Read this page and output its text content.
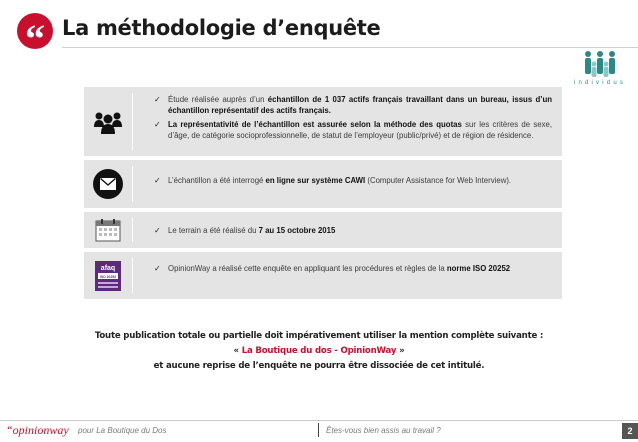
“ La méthodologie d’enquête
individus

✓ Étude réalisée auprès d’un échantillon de 1 037 actifs français travaillant dans un bureau, issus d’un échantillon représentatif des actifs français.

✓ La représentativité de l’échantillon est assurée selon la méthode des quotas sur les critères de sexe, d’âge, de catégorie socioprofessionnelle, de statut de l’employeur (public/privé) et de région de résidence.

✓ L’échantillon a été interrogé en ligne sur système CAWI (Computer Assistance for Web Interview).

✓ Le terrain a été réalisé du 7 au 15 octobre 2015

afaq
ISO 20252

✓ OpinionWay a réalisé cette enquête en appliquant les procédures et règles de la norme ISO 20252

Toute publication totale ou partielle doit impérativement utiliser la mention complète suivante :

« La Boutique du dos - OpinionWay »

et aucune reprise de l’enquête ne pourra être dissociée de cet intitulé.

“opinionway pour La Boutique du Dos	Êtes-vous bien assis au travail ?	2
